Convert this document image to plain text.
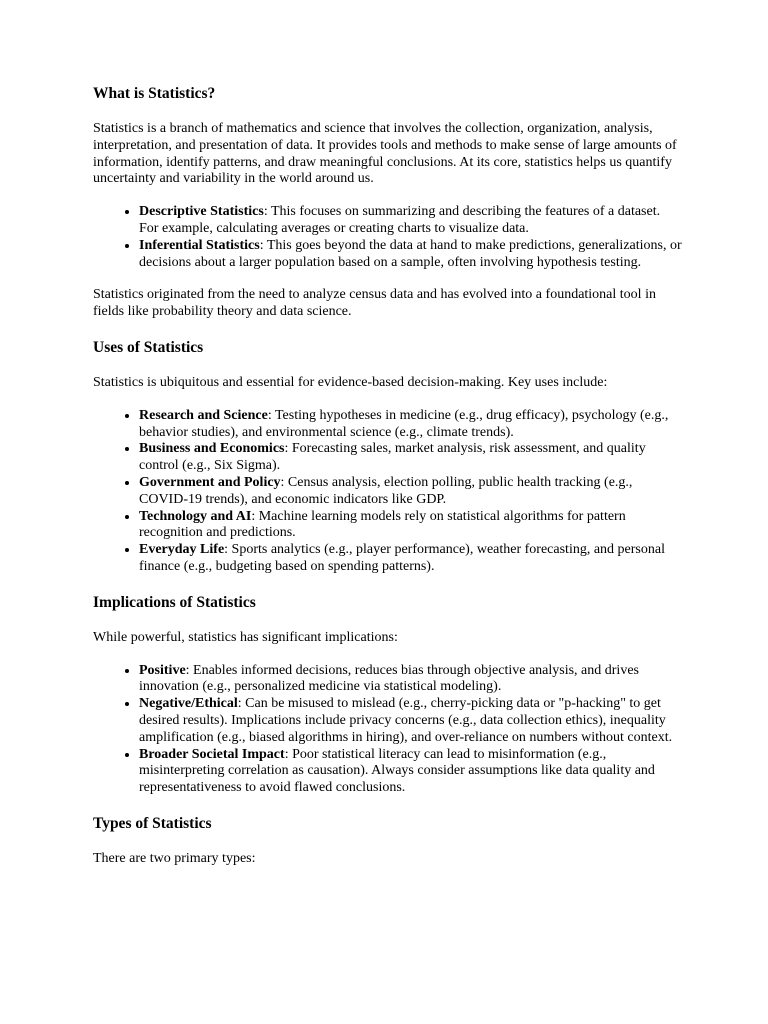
What is Statistics?

Statistics is a branch of mathematics and science that involves the collection, organization, analysis, interpretation, and presentation of data. It provides tools and methods to make sense of large amounts of information, identify patterns, and draw meaningful conclusions. At its core, statistics helps us quantify uncertainty and variability in the world around us.

• Descriptive Statistics: This focuses on summarizing and describing the features of a dataset. For example, calculating averages or creating charts to visualize data.
• Inferential Statistics: This goes beyond the data at hand to make predictions, generalizations, or decisions about a larger population based on a sample, often involving hypothesis testing.

Statistics originated from the need to analyze census data and has evolved into a foundational tool in fields like probability theory and data science.

Uses of Statistics

Statistics is ubiquitous and essential for evidence-based decision-making. Key uses include:

• Research and Science: Testing hypotheses in medicine (e.g., drug efficacy), psychology (e.g., behavior studies), and environmental science (e.g., climate trends).
• Business and Economics: Forecasting sales, market analysis, risk assessment, and quality control (e.g., Six Sigma).
• Government and Policy: Census analysis, election polling, public health tracking (e.g., COVID-19 trends), and economic indicators like GDP.
• Technology and AI: Machine learning models rely on statistical algorithms for pattern recognition and predictions.
• Everyday Life: Sports analytics (e.g., player performance), weather forecasting, and personal finance (e.g., budgeting based on spending patterns).
Implications of Statistics

While powerful, statistics has significant implications:

• Positive: Enables informed decisions, reduces bias through objective analysis, and drives innovation (e.g., personalized medicine via statistical modeling).
• Negative/Ethical: Can be misused to mislead (e.g., cherry-picking data or "p-hacking" to get desired results). Implications include privacy concerns (e.g., data collection ethics), inequality amplification (e.g., biased algorithms in hiring), and over-reliance on numbers without context.
• Broader Societal Impact: Poor statistical literacy can lead to misinformation (e.g., misinterpreting correlation as causation). Always consider assumptions like data quality and representativeness to avoid flawed conclusions.
Types of Statistics

There are two primary types:
